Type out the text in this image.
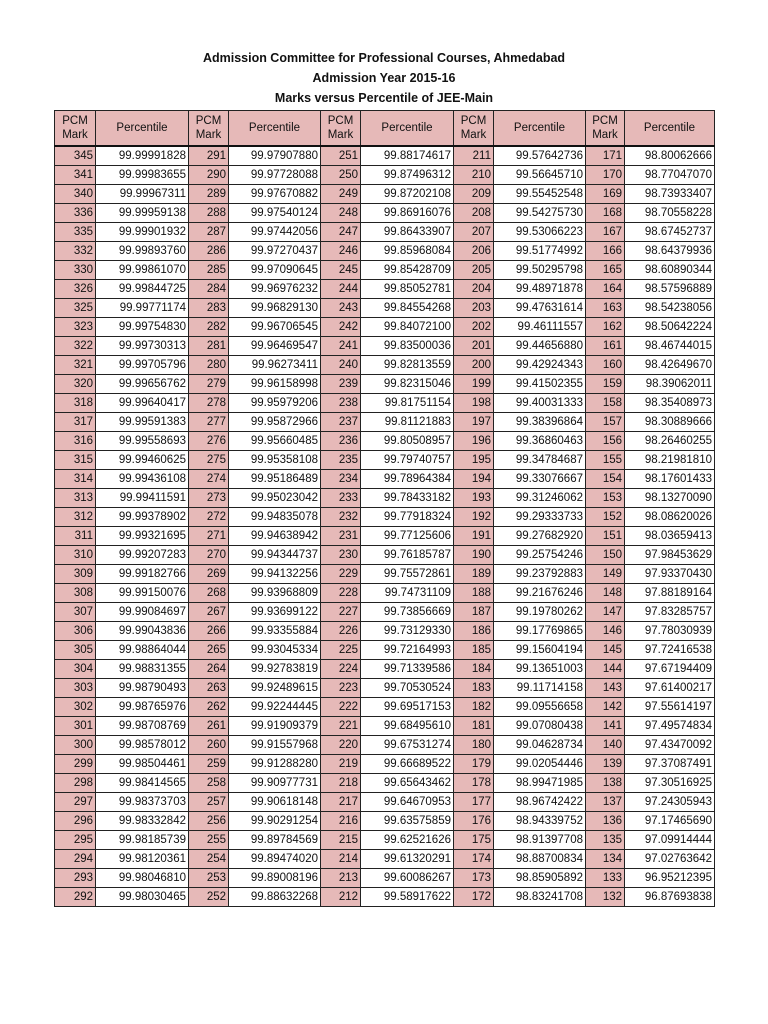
Admission Committee for Professional Courses, Ahmedabad
Admission Year 2015-16
Marks versus Percentile of JEE-Main
PCM
Mark	Percentile	PCM
Mark	Percentile	PCM
Mark	Percentile	PCM
Mark	Percentile	PCM
Mark	Percentile
345	99.99991828	291	99.97907880	251	99.88174617	211	99.57642736	171	98.80062666
341	99.99983655	290	99.97728088	250	99.87496312	210	99.56645710	170	98.77047070
340	99.99967311	289	99.97670882	249	99.87202108	209	99.55452548	169	98.73933407
336	99.99959138	288	99.97540124	248	99.86916076	208	99.54275730	168	98.70558228
335	99.99901932	287	99.97442056	247	99.86433907	207	99.53066223	167	98.67452737
332	99.99893760	286	99.97270437	246	99.85968084	206	99.51774992	166	98.64379936
330	99.99861070	285	99.97090645	245	99.85428709	205	99.50295798	165	98.60890344
326	99.99844725	284	99.96976232	244	99.85052781	204	99.48971878	164	98.57596889
325	99.99771174	283	99.96829130	243	99.84554268	203	99.47631614	163	98.54238056
323	99.99754830	282	99.96706545	242	99.84072100	202	99.46111557	162	98.50642224
322	99.99730313	281	99.96469547	241	99.83500036	201	99.44656880	161	98.46744015
321	99.99705796	280	99.96273411	240	99.82813559	200	99.42924343	160	98.42649670
320	99.99656762	279	99.96158998	239	99.82315046	199	99.41502355	159	98.39062011
318	99.99640417	278	99.95979206	238	99.81751154	198	99.40031333	158	98.35408973
317	99.99591383	277	99.95872966	237	99.81121883	197	99.38396864	157	98.30889666
316	99.99558693	276	99.95660485	236	99.80508957	196	99.36860463	156	98.26460255
315	99.99460625	275	99.95358108	235	99.79740757	195	99.34784687	155	98.21981810
314	99.99436108	274	99.95186489	234	99.78964384	194	99.33076667	154	98.17601433
313	99.99411591	273	99.95023042	233	99.78433182	193	99.31246062	153	98.13270090
312	99.99378902	272	99.94835078	232	99.77918324	192	99.29333733	152	98.08620026
311	99.99321695	271	99.94638942	231	99.77125606	191	99.27682920	151	98.03659413
310	99.99207283	270	99.94344737	230	99.76185787	190	99.25754246	150	97.98453629
309	99.99182766	269	99.94132256	229	99.75572861	189	99.23792883	149	97.93370430
308	99.99150076	268	99.93968809	228	99.74731109	188	99.21676246	148	97.88189164
307	99.99084697	267	99.93699122	227	99.73856669	187	99.19780262	147	97.83285757
306	99.99043836	266	99.93355884	226	99.73129330	186	99.17769865	146	97.78030939
305	99.98864044	265	99.93045334	225	99.72164993	185	99.15604194	145	97.72416538
304	99.98831355	264	99.92783819	224	99.71339586	184	99.13651003	144	97.67194409
303	99.98790493	263	99.92489615	223	99.70530524	183	99.11714158	143	97.61400217
302	99.98765976	262	99.92244445	222	99.69517153	182	99.09556658	142	97.55614197
301	99.98708769	261	99.91909379	221	99.68495610	181	99.07080438	141	97.49574834
300	99.98578012	260	99.91557968	220	99.67531274	180	99.04628734	140	97.43470092
299	99.98504461	259	99.91288280	219	99.66689522	179	99.02054446	139	97.37087491
298	99.98414565	258	99.90977731	218	99.65643462	178	98.99471985	138	97.30516925
297	99.98373703	257	99.90618148	217	99.64670953	177	98.96742422	137	97.24305943
296	99.98332842	256	99.90291254	216	99.63575859	176	98.94339752	136	97.17465690
295	99.98185739	255	99.89784569	215	99.62521626	175	98.91397708	135	97.09914444
294	99.98120361	254	99.89474020	214	99.61320291	174	98.88700834	134	97.02763642
293	99.98046810	253	99.89008196	213	99.60086267	173	98.85905892	133	96.95212395
292	99.98030465	252	99.88632268	212	99.58917622	172	98.83241708	132	96.87693838
